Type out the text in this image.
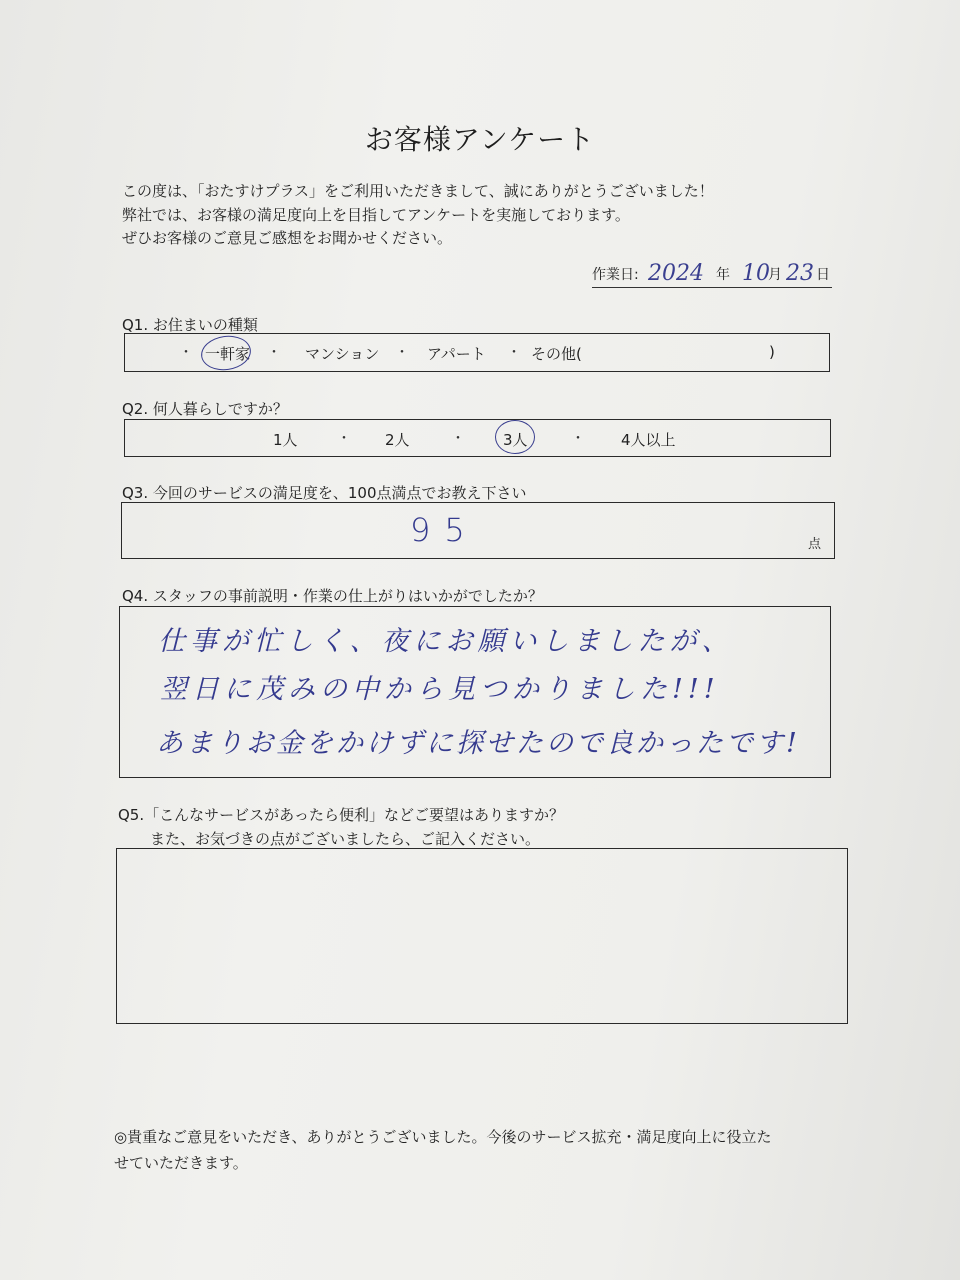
お客様アンケート
この度は、「おたすけプラス」をご利用いただきまして、誠にありがとうございました！
弊社では、お客様の満足度向上を目指してアンケートを実施しております。
ぜひお客様のご意見ご感想をお聞かせください。
作業日: 2024 年 10
月 23 日
Q1. お住まいの種類
・ 一軒家 ・ マンション ・ アパート ・ その他(	)
Q2. 何人暮らしですか？
1人	・ 2人	・	3人	・ 4人以上
Q3. 今回のサービスの満足度を、100点満点でお教え下さい
95	点
Q4. スタッフの事前説明・作業の仕上がりはいかがでしたか？
仕事が忙しく、夜にお願いしましたが、
翌日に茂みの中から見つかりました!!!
あまりお金をかけずに探せたので良かったです!
Q5.「こんなサービスがあったら便利」などご要望はありますか？
また、お気づきの点がございましたら、ご記入ください。
◎貴重なご意見をいただき、ありがとうございました。今後のサービス拡充・満足度向上に役立た
せていただきます。
